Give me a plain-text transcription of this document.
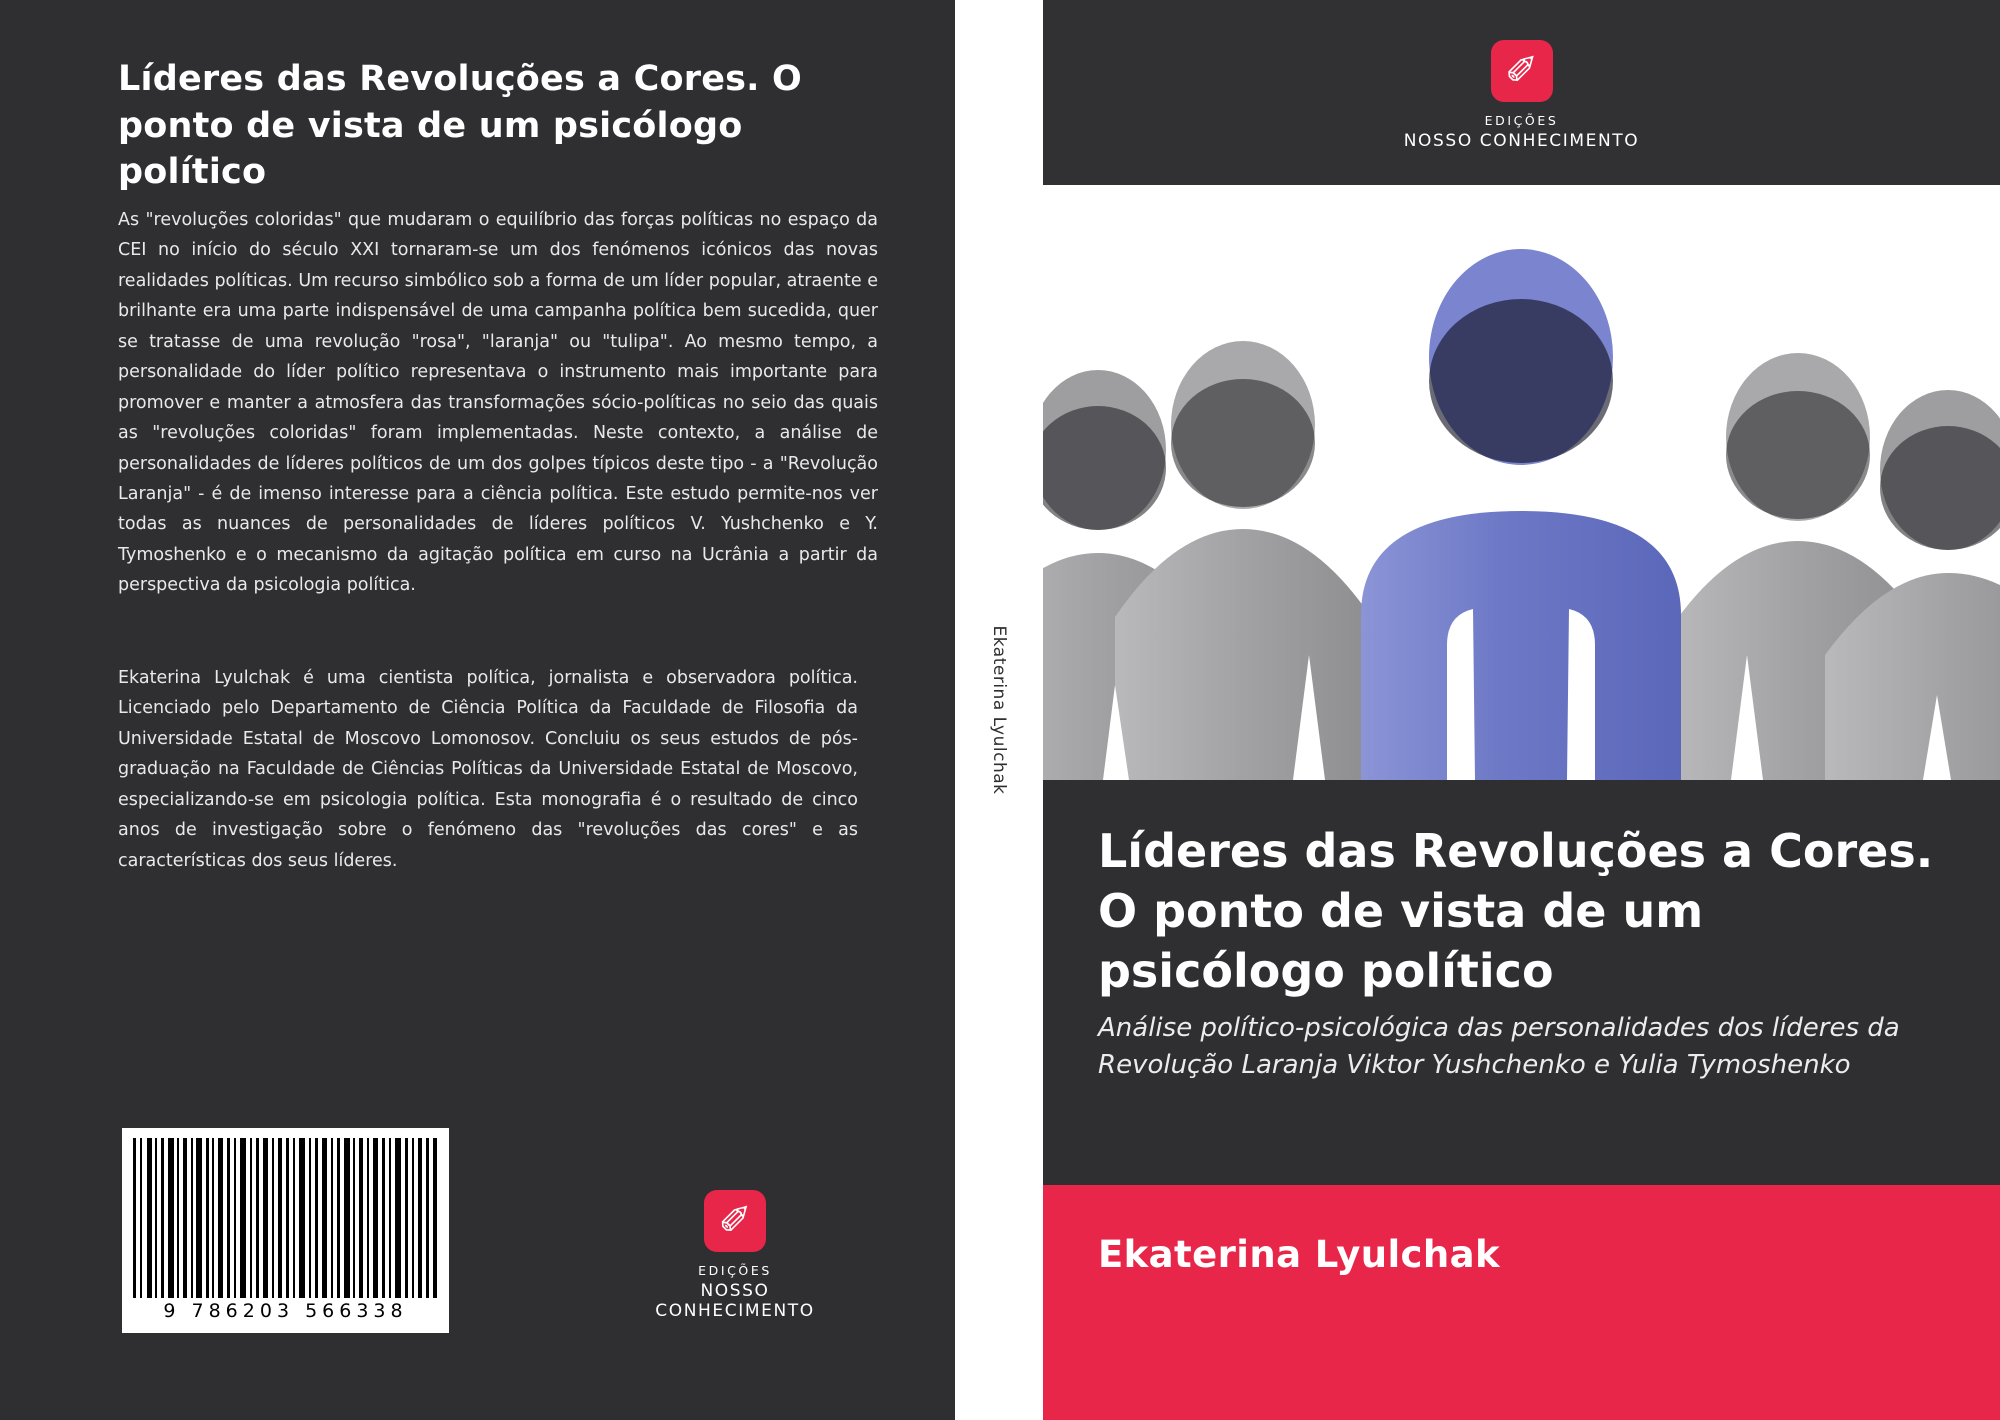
Líderes das Revoluções a Cores. O ponto de vista de um psicólogo político
As "revoluções coloridas" que mudaram o equilíbrio das forças políticas no espaço da CEI no início do século XXI tornaram-se um dos fenómenos icónicos das novas realidades políticas. Um recurso simbólico sob a forma de um líder popular, atraente e brilhante era uma parte indispensável de uma campanha política bem sucedida, quer se tratasse de uma revolução "rosa", "laranja" ou "tulipa". Ao mesmo tempo, a personalidade do líder político representava o instrumento mais importante para promover e manter a atmosfera das transformações sócio-políticas no seio das quais as "revoluções coloridas" foram implementadas. Neste contexto, a análise de personalidades de líderes políticos de um dos golpes típicos deste tipo - a "Revolução Laranja" - é de imenso interesse para a ciência política. Este estudo permite-nos ver todas as nuances de personalidades de líderes políticos V. Yushchenko e Y. Tymoshenko e o mecanismo da agitação política em curso na Ucrânia a partir da perspectiva da psicologia política.
Ekaterina Lyulchak é uma cientista política, jornalista e observadora política. Licenciado pelo Departamento de Ciência Política da Faculdade de Filosofia da Universidade Estatal de Moscovo Lomonosov. Concluiu os seus estudos de pós-graduação na Faculdade de Ciências Políticas da Universidade Estatal de Moscovo, especializando-se em psicologia política. Esta monografia é o resultado de cinco anos de investigação sobre o fenómeno das "revoluções das cores" e as características dos seus líderes.
9 786203 566338
✐
EDIÇÕES
NOSSO CONHECIMENTO
Ekaterina Lyulchak
✐
EDIÇÕES
NOSSO CONHECIMENTO
Líderes das Revoluções a Cores. O ponto de vista de um psicólogo político
Análise político-psicológica das personalidades dos líderes da Revolução Laranja Viktor Yushchenko e Yulia Tymoshenko
Ekaterina Lyulchak
